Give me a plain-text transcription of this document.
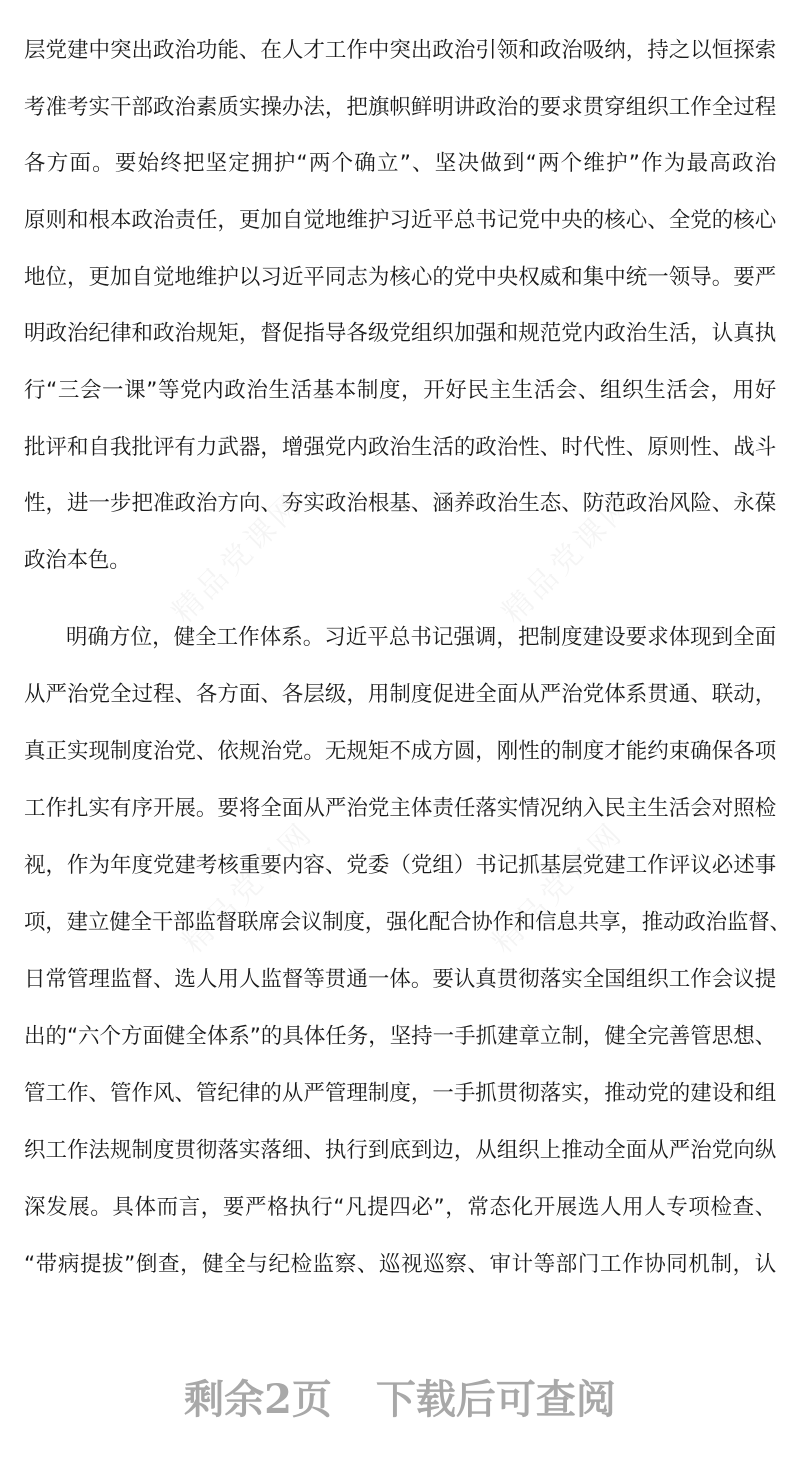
层党建中突出政治功能、在人才工作中突出政治引领和政治吸纳，持之以恒探索
考准考实干部政治素质实操办法，把旗帜鲜明讲政治的要求贯穿组织工作全过程
各方面。要始终把坚定拥护“两个确立”、坚决做到“两个维护”作为最高政治
原则和根本政治责任，更加自觉地维护习近平总书记党中央的核心、全党的核心
地位，更加自觉地维护以习近平同志为核心的党中央权威和集中统一领导。要严
明政治纪律和政治规矩，督促指导各级党组织加强和规范党内政治生活，认真执
行“三会一课”等党内政治生活基本制度，开好民主生活会、组织生活会，用好
批评和自我批评有力武器，增强党内政治生活的政治性、时代性、原则性、战斗
性，进一步把准政治方向、夯实政治根基、涵养政治生态、防范政治风险、永葆
政治本色。
明确方位，健全工作体系。习近平总书记强调，把制度建设要求体现到全面
从严治党全过程、各方面、各层级，用制度促进全面从严治党体系贯通、联动，
真正实现制度治党、依规治党。无规矩不成方圆，刚性的制度才能约束确保各项
工作扎实有序开展。要将全面从严治党主体责任落实情况纳入民主生活会对照检
视，作为年度党建考核重要内容、党委（党组）书记抓基层党建工作评议必述事
项，建立健全干部监督联席会议制度，强化配合协作和信息共享，推动政治监督、
日常管理监督、选人用人监督等贯通一体。要认真贯彻落实全国组织工作会议提
出的“六个方面健全体系”的具体任务，坚持一手抓建章立制，健全完善管思想、
管工作、管作风、管纪律的从严管理制度，一手抓贯彻落实，推动党的建设和组
织工作法规制度贯彻落实落细、执行到底到边，从组织上推动全面从严治党向纵
深发展。具体而言，要严格执行“凡提四必”，常态化开展选人用人专项检查、
“带病提拔”倒查，健全与纪检监察、巡视巡察、审计等部门工作协同机制，认
剩余2页 下载后可查阅
